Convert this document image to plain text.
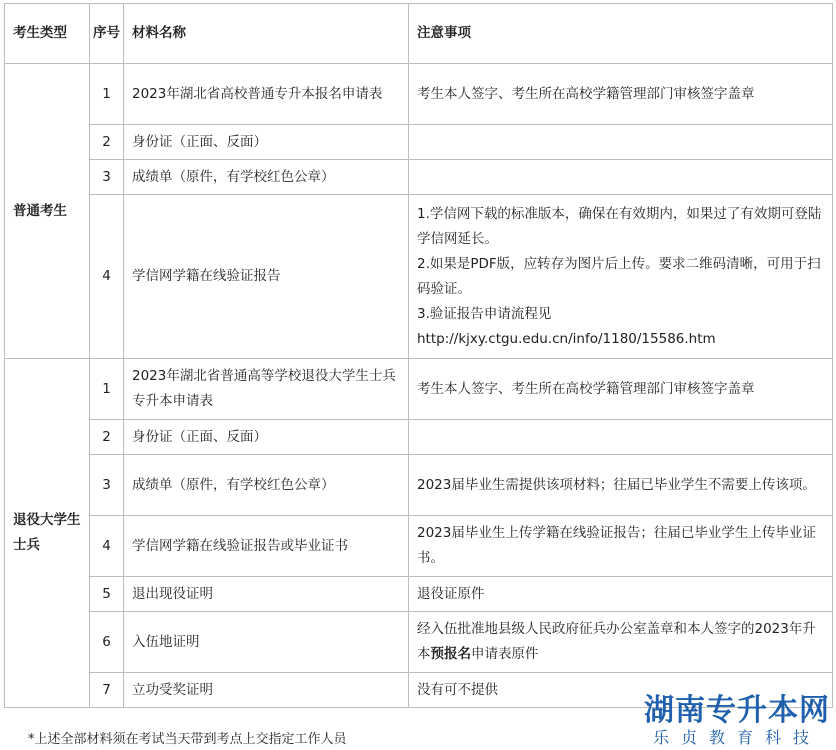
考生类型	序号	材料名称	注意事项
普通考生	1	2023年湖北省高校普通专升本报名申请表	考生本人签字、考生所在高校学籍管理部门审核签字盖章
	2	身份证（正面、反面）	
	3	成绩单（原件，有学校红色公章）	
	4	学信网学籍在线验证报告	1.学信网下载的标准版本，确保在有效期内，如果过了有效期可登陆学信网延长。
2.如果是PDF版，应转存为图片后上传。要求二维码清晰，可用于扫码验证。
3.验证报告申请流程见
http://kjxy.ctgu.edu.cn/info/1180/15586.htm

退役大学生士兵	1	2023年湖北省普通高等学校退役大学生士兵专升本申请表	考生本人签字、考生所在高校学籍管理部门审核签字盖章
	2	身份证（正面、反面）	
	3	成绩单（原件，有学校红色公章）	2023届毕业生需提供该项材料；往届已毕业学生不需要上传该项。
	4	学信网学籍在线验证报告或毕业证书	2023届毕业生上传学籍在线验证报告；往届已毕业学生上传毕业证书。
	5	退出现役证明	退役证原件
	6	入伍地证明	经入伍批准地县级人民政府征兵办公室盖章和本人签字的2023年升本预报名申请表原件
	7	立功受奖证明	没有可不提供
*上述全部材料须在考试当天带到考点上交指定工作人员
湖南专升本网
乐贞教育科技
